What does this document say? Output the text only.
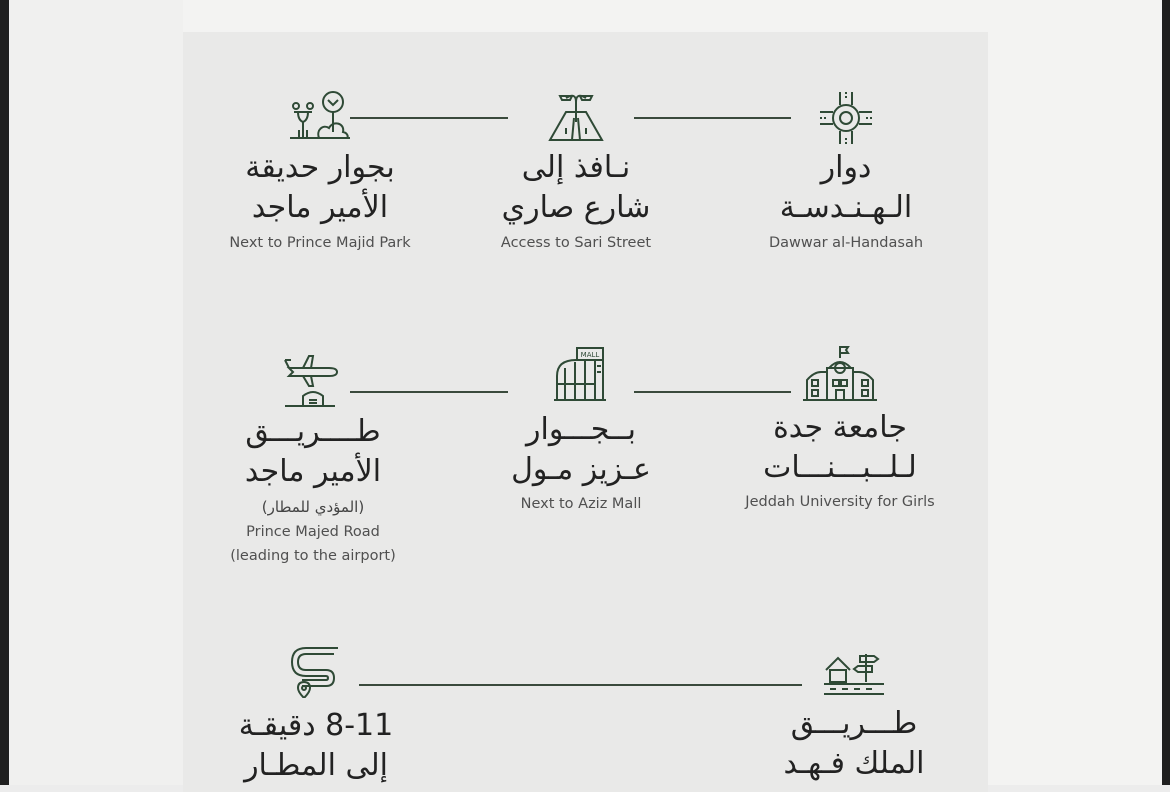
بجوار حديقة
الأمير ماجد
Next to Prince Majid Park
نـافذ إلى
شارع صاري
Access to Sari Street
دوار
الـهـنـدسـة
Dawwar al-Handasah
طــــريـــق
الأمير ماجد
(المؤدي للمطار)
Prince Majed Road
(leading to the airport)
MALL
بــجـــوار
عـزيز مـول
Next to Aziz Mall
جامعة جدة
لـلــبـــنـــات
Jeddah University for Girls
8-11 دقيقـة
إلى المطـار
طـــريـــق
الملك فـهـد
